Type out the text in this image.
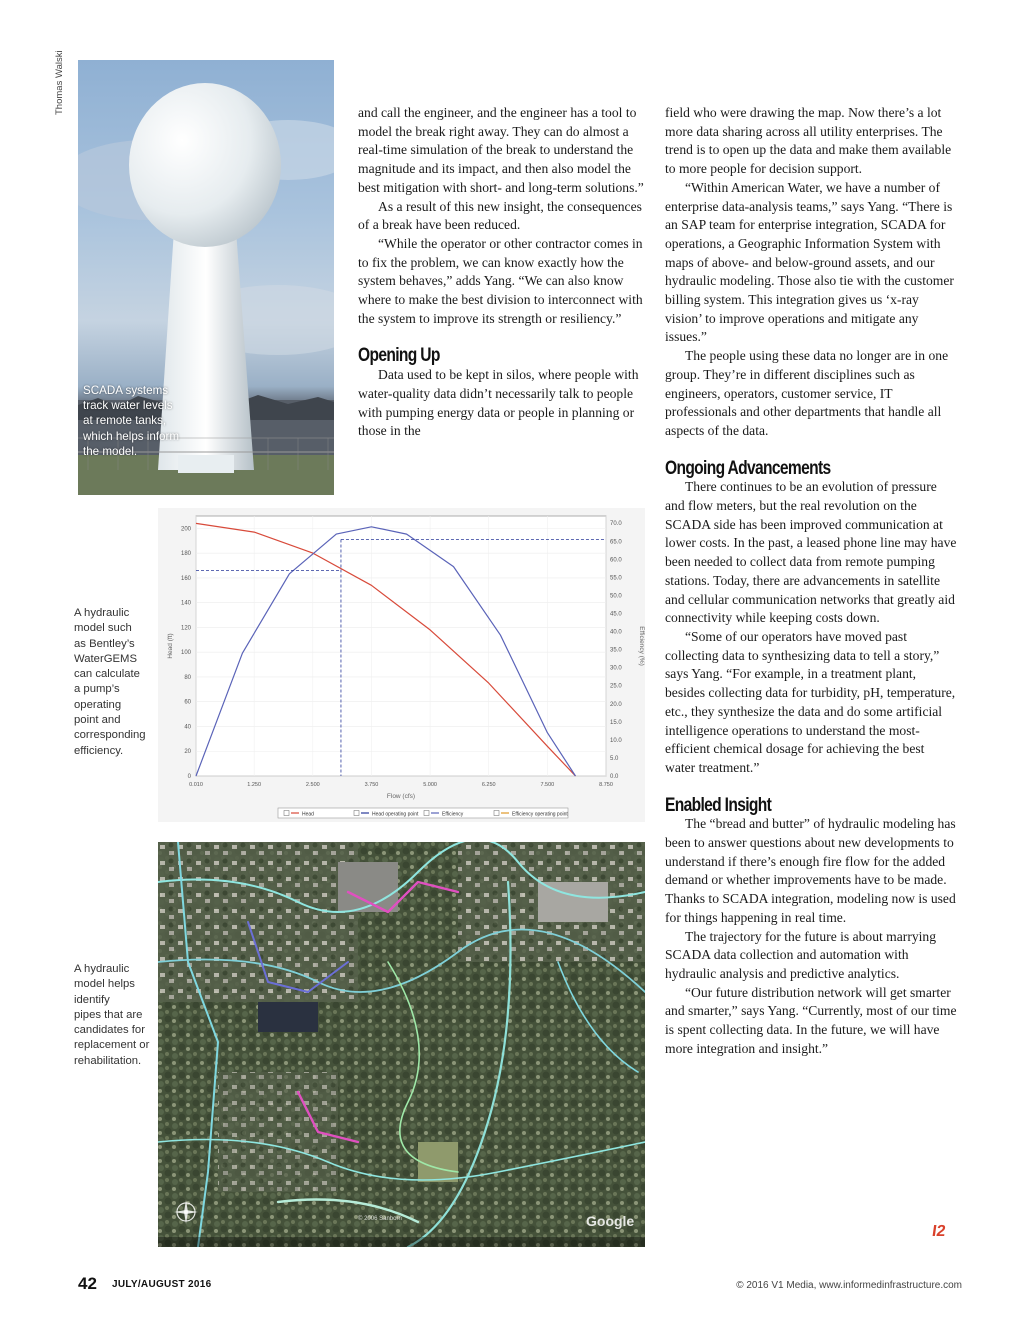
Thomas Walski
SCADA systems
track water levels
at remote tanks,
which helps inform
the model.

and call the engineer, and the engineer has a tool to model the break right away. They can do almost a real-time simulation of the break to understand the magnitude and its impact, and then also model the best mitigation with short- and long-term solutions.”

As a result of this new insight, the consequences of a break have been reduced.

“While the operator or other contractor comes in to fix the problem, we can know exactly how the system behaves,” adds Yang. “We can also know where to make the best division to interconnect with the system to improve its strength or resiliency.”

Opening Up

Data used to be kept in silos, where people with water-quality data didn’t necessarily talk to people with pumping energy data or people in planning or those in the

field who were drawing the map. Now there’s a lot more data sharing across all utility enterprises. The trend is to open up the data and make them available to more people for decision support.

“Within American Water, we have a number of enterprise data-analysis teams,” says Yang. “There is an SAP team for enterprise integration, SCADA for operations, a Geographic Information System with maps of above- and below-ground assets, and our hydraulic modeling. Those also tie with the customer billing system. This integration gives us ‘x-ray vision’ to improve operations and mitigate any issues.”

The people using these data no longer are in one group. They’re in different disciplines such as engineers, operators, customer service, IT professionals and other departments that handle all aspects of the data.

Ongoing Advancements

There continues to be an evolution of pressure and flow meters, but the real revolution on the SCADA side has been improved communication at lower costs. In the past, a leased phone line may have been needed to collect data from remote pumping stations. Today, there are advancements in satellite and cellular communication networks that greatly aid connectivity while keeping costs down.

“Some of our operators have moved past collecting data to synthesizing data to tell a story,” says Yang. “For example, in a treatment plant, besides collecting data for turbidity, pH, temperature, etc., they synthesize the data and do some artificial intelligence operations to understand the most-efficient chemical dosage for achieving the best water treatment.”

Enabled Insight

The “bread and butter” of hydraulic modeling has been to answer questions about new developments to understand if there’s enough fire flow for the added demand or whether improvements have to be made. Thanks to SCADA integration, modeling now is used for things happening in real time.

The trajectory for the future is about marrying SCADA data collection and automation with hydraulic analysis and predictive analytics.

“Our future distribution network will get smarter and smarter,” says Yang. “Currently, most of our time is spent collecting data. In the future, we will have more integration and insight.”

I2
A hydraulic
model such
as Bentley’s
WaterGEMS
can calculate
a pump’s
operating
point and
corresponding
efficiency.
0
20
40
60
80
100
120
140
160
180
200
0.0
5.0
10.0
15.0
20.0
25.0
30.0
35.0
40.0
45.0
50.0
55.0
60.0
65.0
70.0
0.010	1.250	2.500	3.750	5.000	6.250	7.500	8.750
Flow (cfs)
Head (ft)	Efficiency (%)
Head	Head operating point	Efficiency	Efficiency operating point
A hydraulic
model helps
identify
pipes that are
candidates for
replacement or
rehabilitation.
Google
© 2006 Sanborn
42 JULY/AUGUST 2016	© 2016 V1 Media, www.informedinfrastructure.com
